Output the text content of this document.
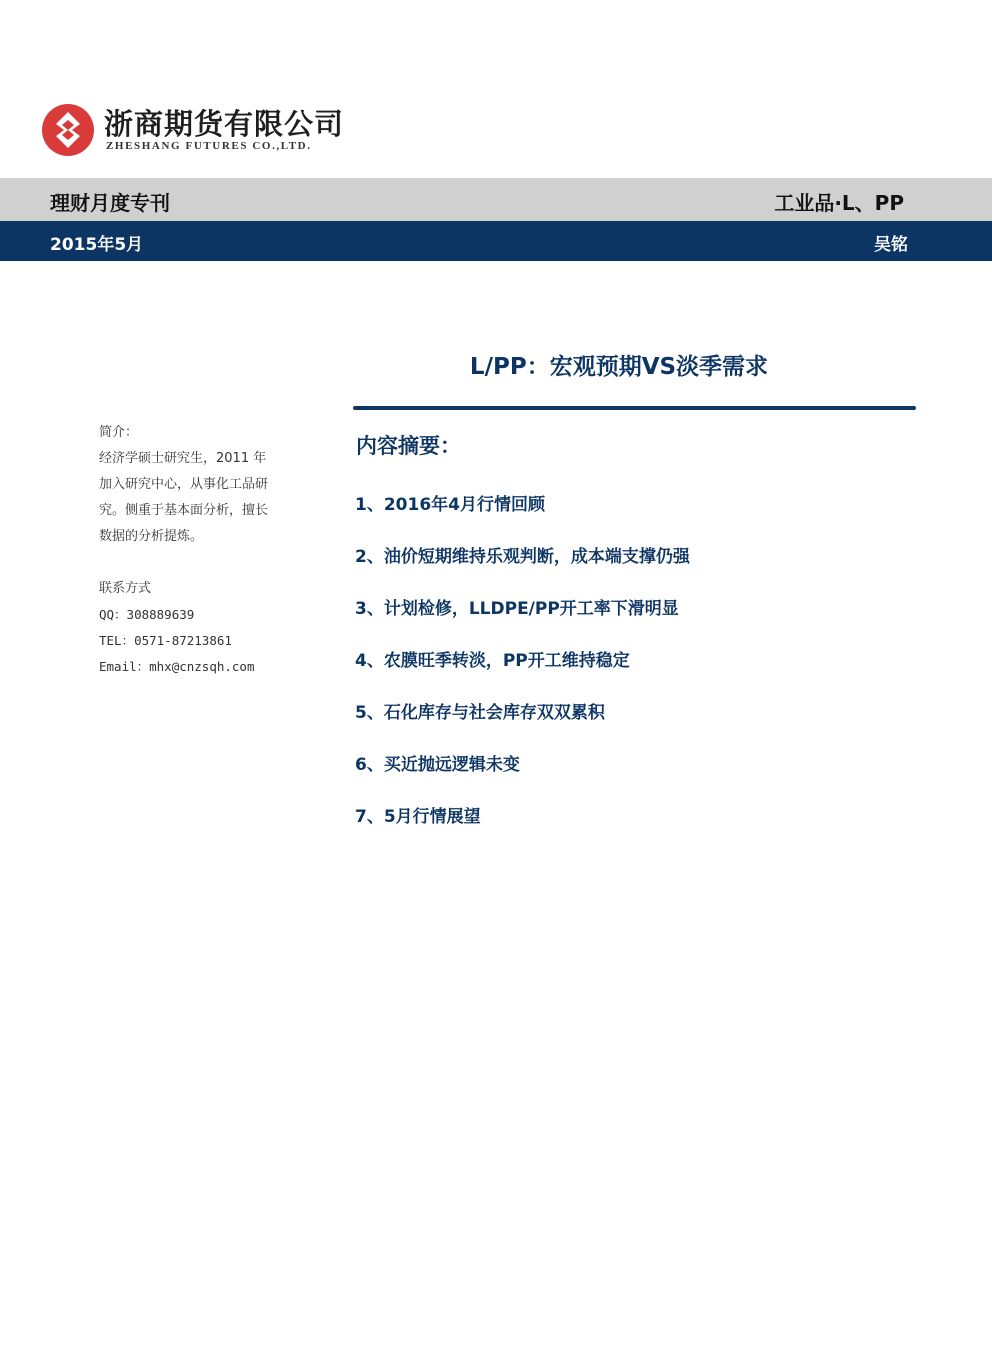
浙商期货有限公司
ZHESHANG FUTURES CO.,LTD.
理财月度专刊	工业品·L、PP
2015年5月	吴铭
L/PP：宏观预期VS淡季需求
内容摘要：
1、2016年4月行情回顾
2、油价短期维持乐观判断，成本端支撑仍强
3、计划检修，LLDPE/PP开工率下滑明显
4、农膜旺季转淡，PP开工维持稳定
5、石化库存与社会库存双双累积
6、买近抛远逻辑未变
7、5月行情展望
简介：
经济学硕士研究生，2011 年
加入研究中心，从事化工品研
究。侧重于基本面分析，擅长
数据的分析提炼。
联系方式
QQ：308889639
TEL：0571-87213861
Email：mhx@cnzsqh.com
